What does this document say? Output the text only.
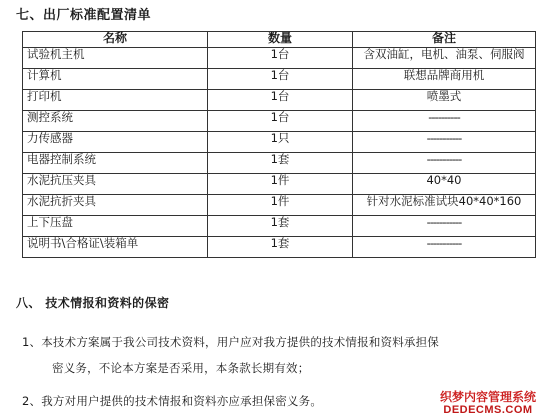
七、出厂标准配置清单
名称	数量	备注
试验机主机	1台	含双油缸，电机、油泵、伺服阀
计算机	1台	联想品牌商用机
打印机	1台	喷墨式
测控系统	1台	----------
力传感器	1只	-----------
电器控制系统	1套	-----------
水泥抗压夹具	1件	40*40
水泥抗折夹具	1件	针对水泥标准试块40*40*160
上下压盘	1套	-----------
说明书\合格证\装箱单	1套	-----------
八、 技术情报和资料的保密
1、本技术方案属于我公司技术资料，用户应对我方提供的技术情报和资料承担保
密义务，不论本方案是否采用，本条款长期有效；
2、我方对用户提供的技术情报和资料亦应承担保密义务。	织梦内容管理系统
DEDECMS.COM
